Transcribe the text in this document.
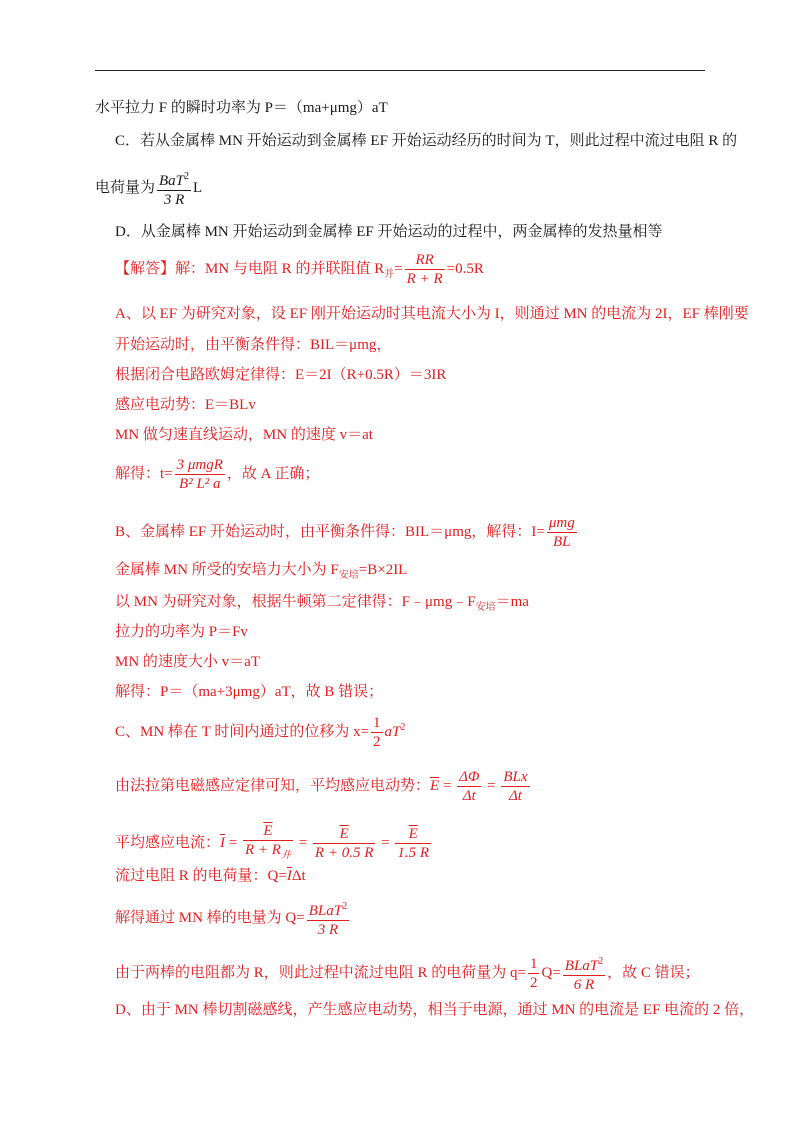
水平拉力 F 的瞬时功率为 P＝（ma+μmg）aT
C．若从金属棒 MN 开始运动到金属棒 EF 开始运动经历的时间为 T，则此过程中流过电阻 R 的
电荷量为 $\frac{BaT^2}{3 R}$ L
D．从金属棒 MN 开始运动到金属棒 EF 开始运动的过程中，两金属棒的发热量相等
【解答】解：MN 与电阻 R 的并联阻值 $R_并= \frac{RR}{R + R} =0.5R$
A、以 EF 为研究对象，设 EF 刚开始运动时其电流大小为 I，则通过 MN 的电流为 2I，EF 棒刚要
开始运动时，由平衡条件得：BIL＝μmg，
根据闭合电路欧姆定律得：E＝2I（R+0.5R）＝3IR
感应电动势：E＝BLv
MN 做匀速直线运动，MN 的速度 v＝at
解得：$t= \frac{\text{3 μmgR}}{\text{B² L² a}}$ ，故 A 正确；
B、金属棒 EF 开始运动时，由平衡条件得：BIL＝μmg，解得：$I= \frac{\text{μmg}}{BL}$
金属棒 MN 所受的安培力大小为 $F_{安培}=B\times 2IL$
以 MN 为研究对象，根据牛顿第二定律得：$F﹣\mu mg﹣F_{安培}=ma$
拉力的功率为 P＝Fv
MN 的速度大小 v＝aT
解得：P＝（ma+3μmg）aT，故 B 错误；
C、MN 棒在 T 时间内通过的位移为 $x= \frac{1}{2} aT^2$
由法拉第电磁感应定律可知，平均感应电动势：$\overline{E} = \frac{\Delta\Phi}{\Delta t} = \frac{\text{BLx}}{\Delta t}$
平均感应电流：$\overline{I} = \frac{\overline{E}}{R + R_并} = \frac{\overline{E}}{R + 0.5 R} = \frac{\overline{E}}{1.5 R}$
流过电阻 R 的电荷量：$Q=\overline{I}\Delta t$
解得通过 MN 棒的电量为 $Q= \frac{BLaT^2}{3 R}$
由于两棒的电阻都为 R，则此过程中流过电阻 R 的电荷量为 $q= \frac{1}{2} Q= \frac{BLaT^2}{6 R}$ ，故 C 错误；
D、由于 MN 棒切割磁感线，产生感应电动势，相当于电源，通过 MN 的电流是 EF 电流的 2 倍，
